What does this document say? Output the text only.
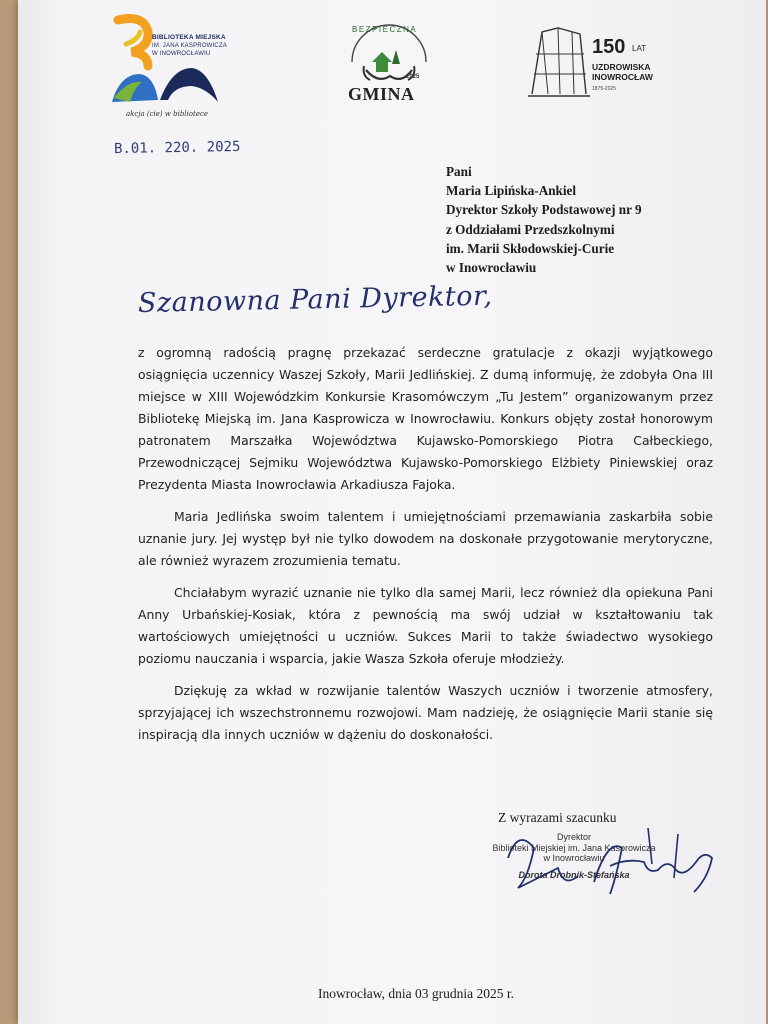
BIBLIOTEKA MIEJSKA
IM. JANA KASPROWICZA
W INOWROCŁAWIU
akcja (cie) w bibliotece
B.01. 220. 2025
BEZPIECZNA
2025
GMINA
150 LAT
UZDROWISKA
INOWROCŁAW
1875-2025
Pani
Maria Lipińska-Ankiel
Dyrektor Szkoły Podstawowej nr 9
z Oddziałami Przedszkolnymi
im. Marii Skłodowskiej-Curie
w Inowrocławiu
Szanowna Pani Dyrektor,

z ogromną radością pragnę przekazać serdeczne gratulacje z okazji wyjątkowego osiągnięcia uczennicy Waszej Szkoły, Marii Jedlińskiej. Z dumą informuję, że zdobyła Ona III miejsce w XIII Wojewódzkim Konkursie Krasomówczym „Tu Jestem” organizowanym przez Bibliotekę Miejską im. Jana Kasprowicza w Inowrocławiu. Konkurs objęty został honorowym patronatem Marszałka Województwa Kujawsko-Pomorskiego Piotra Całbeckiego, Przewodniczącej Sejmiku Województwa Kujawsko-Pomorskiego Elżbiety Piniewskiej oraz Prezydenta Miasta Inowrocławia Arkadiusza Fajoka.

Maria Jedlińska swoim talentem i umiejętnościami przemawiania zaskarbiła sobie uznanie jury. Jej występ był nie tylko dowodem na doskonałe przygotowanie merytoryczne, ale również wyrazem zrozumienia tematu.

Chciałabym wyrazić uznanie nie tylko dla samej Marii, lecz również dla opiekuna Pani Anny Urbańskiej-Kosiak, która z pewnością ma swój udział w kształtowaniu tak wartościowych umiejętności u uczniów. Sukces Marii to także świadectwo wysokiego poziomu nauczania i wsparcia, jakie Wasza Szkoła oferuje młodzieży.

Dziękuję za wkład w rozwijanie talentów Waszych uczniów i tworzenie atmosfery, sprzyjającej ich wszechstronnemu rozwojowi. Mam nadzieję, że osiągnięcie Marii stanie się inspiracją dla innych uczniów w dążeniu do doskonałości.

Z wyrazami szacunku
Dyrektor
Biblioteki Miejskiej im. Jana Kasprowicza
w Inowrocławiu
Dorota Drobnik-Stefańska
Inowrocław, dnia 03 grudnia 2025 r.
